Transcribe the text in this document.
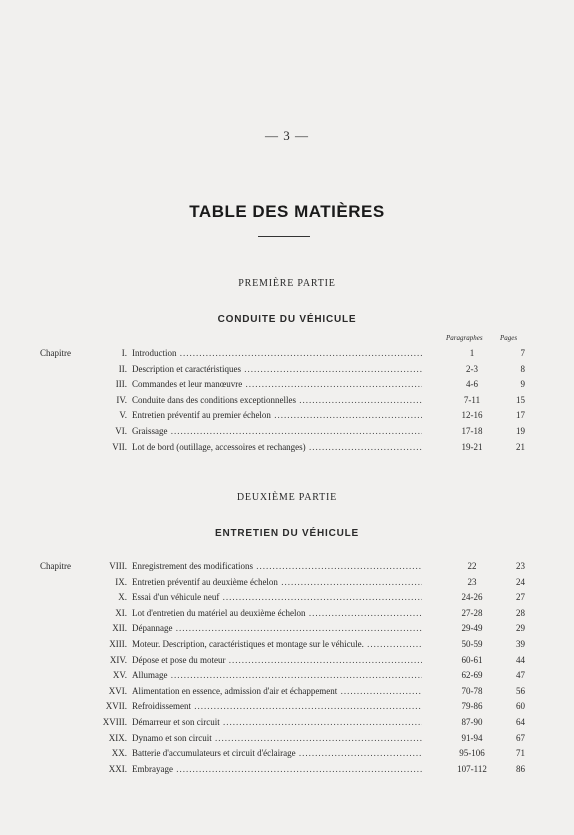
— 3 —
TABLE DES MATIÈRES
PREMIÈRE PARTIE
CONDUITE DU VÉHICULE
Paragraphes Pages
Chapitre	I. Introduction .....	1	7
II. Description et caractéristiques .....	2-3	8
III. Commandes et leur manœuvre .....	4-6	9
IV. Conduite dans des conditions exceptionnelles .....	7-11	15
V. Entretien préventif au premier échelon .....	12-16	17
VI. Graissage .....	17-18	19
VII. Lot de bord (outillage, accessoires et rechanges) .....	19-21	21
DEUXIÈME PARTIE
ENTRETIEN DU VÉHICULE
Chapitre	VIII. Enregistrement des modifications .....	22	23
IX. Entretien préventif au deuxième échelon .....	23	24
X. Essai d'un véhicule neuf .....	24-26	27
XI. Lot d'entretien du matériel au deuxième échelon .....	27-28	28
XII. Dépannage .....	29-49	29
XIII. Moteur. Description, caractéristiques et montage sur le véhicule. .....	50-59	39
XIV. Dépose et pose du moteur .....	60-61	44
XV. Allumage .....	62-69	47
XVI. Alimentation en essence, admission d'air et échappement .....	70-78	56
XVII. Refroidissement .....	79-86	60
XVIII. Démarreur et son circuit .....	87-90	64
XIX. Dynamo et son circuit .....	91-94	67
XX. Batterie d'accumulateurs et circuit d'éclairage .....	95-106	71
XXI. Embrayage .....	107-112	86
